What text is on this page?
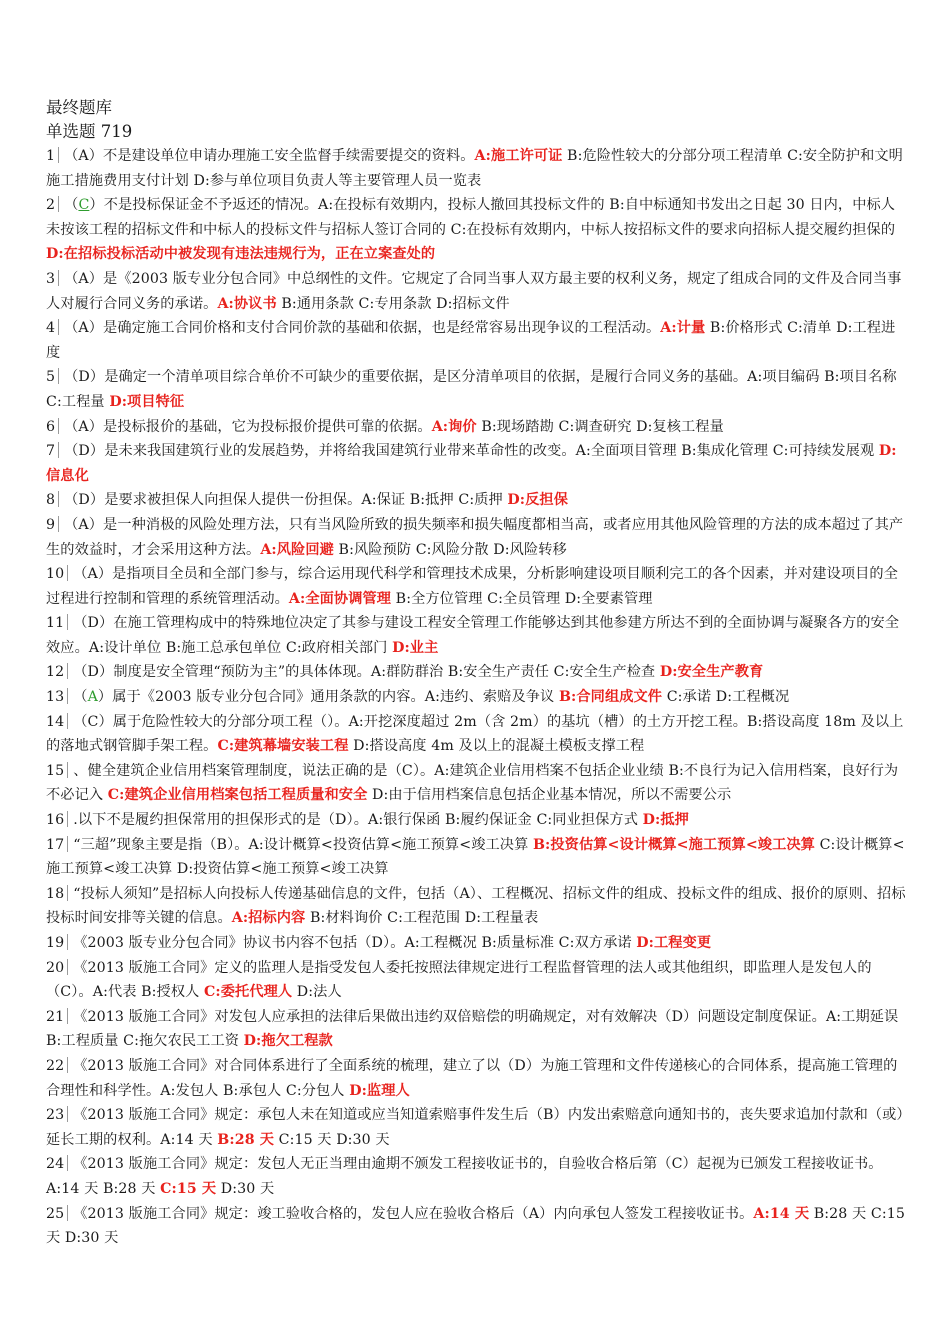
最终题库
单选题 719
1 （A）不是建设单位申请办理施工安全监督手续需要提交的资料。A:施工许可证 B:危险性较大的分部分项工程清单 C:安全防护和文明施工措施费用支付计划 D:参与单位项目负责人等主要管理人员一览表
2 （C）不是投标保证金不予返还的情况。A:在投标有效期内，投标人撤回其投标文件的 B:自中标通知书发出之日起 30 日内，中标人未按该工程的招标文件和中标人的投标文件与招标人签订合同的 C:在投标有效期内，中标人按招标文件的要求向招标人提交履约担保的 D:在招标投标活动中被发现有违法违规行为，正在立案查处的
3 （A）是《2003 版专业分包合同》中总纲性的文件。它规定了合同当事人双方最主要的权利义务，规定了组成合同的文件及合同当事人对履行合同义务的承诺。A:协议书 B:通用条款 C:专用条款 D:招标文件
4 （A）是确定施工合同价格和支付合同价款的基础和依据，也是经常容易出现争议的工程活动。A:计量 B:价格形式 C:清单 D:工程进度
5 （D）是确定一个清单项目综合单价不可缺少的重要依据，是区分清单项目的依据，是履行合同义务的基础。A:项目编码 B:项目名称 C:工程量 D:项目特征
6 （A）是投标报价的基础，它为投标报价提供可靠的依据。A:询价 B:现场踏勘 C:调查研究 D:复核工程量
7 （D）是未来我国建筑行业的发展趋势，并将给我国建筑行业带来革命性的改变。A:全面项目管理 B:集成化管理 C:可持续发展观 D:信息化
8 （D）是要求被担保人向担保人提供一份担保。A:保证 B:抵押 C:质押 D:反担保
9 （A）是一种消极的风险处理方法，只有当风险所致的损失频率和损失幅度都相当高，或者应用其他风险管理的方法的成本超过了其产生的效益时，才会采用这种方法。A:风险回避 B:风险预防 C:风险分散 D:风险转移
10 （A）是指项目全员和全部门参与，综合运用现代科学和管理技术成果，分析影响建设项目顺利完工的各个因素，并对建设项目的全过程进行控制和管理的系统管理活动。A:全面协调管理 B:全方位管理 C:全员管理 D:全要素管理
11 （D）在施工管理构成中的特殊地位决定了其参与建设工程安全管理工作能够达到其他参建方所达不到的全面协调与凝聚各方的安全效应。A:设计单位 B:施工总承包单位 C:政府相关部门 D:业主
12 （D）制度是安全管理“预防为主”的具体体现。A:群防群治 B:安全生产责任 C:安全生产检查 D:安全生产教育
13 （A）属于《2003 版专业分包合同》通用条款的内容。A:违约、索赔及争议 B:合同组成文件 C:承诺 D:工程概况
14 （C）属于危险性较大的分部分项工程（）。A:开挖深度超过 2m（含 2m）的基坑（槽）的土方开挖工程。B:搭设高度 18m 及以上的落地式钢管脚手架工程。C:建筑幕墙安装工程 D:搭设高度 4m 及以上的混凝土模板支撑工程
15 、健全建筑企业信用档案管理制度，说法正确的是（C）。A:建筑企业信用档案不包括企业业绩 B:不良行为记入信用档案，良好行为不必记入 C:建筑企业信用档案包括工程质量和安全 D:由于信用档案信息包括企业基本情况，所以不需要公示
16 .以下不是履约担保常用的担保形式的是（D）。A:银行保函 B:履约保证金 C:同业担保方式 D:抵押
17 “三超”现象主要是指（B）。A:设计概算<投资估算<施工预算<竣工决算 B:投资估算<设计概算<施工预算<竣工决算 C:设计概算<施工预算<竣工决算 D:投资估算<施工预算<竣工决算
18 “投标人须知”是招标人向投标人传递基础信息的文件，包括（A）、工程概况、招标文件的组成、投标文件的组成、报价的原则、招标投标时间安排等关键的信息。A:招标内容 B:材料询价 C:工程范围 D:工程量表
19 《2003 版专业分包合同》协议书内容不包括（D）。A:工程概况 B:质量标准 C:双方承诺 D:工程变更
20 《2013 版施工合同》定义的监理人是指受发包人委托按照法律规定进行工程监督管理的法人或其他组织，即监理人是发包人的（C）。A:代表 B:授权人 C:委托代理人 D:法人
21 《2013 版施工合同》对发包人应承担的法律后果做出违约双倍赔偿的明确规定，对有效解决（D）问题设定制度保证。A:工期延误 B:工程质量 C:拖欠农民工工资 D:拖欠工程款
22 《2013 版施工合同》对合同体系进行了全面系统的梳理，建立了以（D）为施工管理和文件传递核心的合同体系，提高施工管理的合理性和科学性。A:发包人 B:承包人 C:分包人 D:监理人
23 《2013 版施工合同》规定：承包人未在知道或应当知道索赔事件发生后（B）内发出索赔意向通知书的，丧失要求追加付款和（或）延长工期的权利。A:14 天 B:28 天 C:15 天 D:30 天
24 《2013 版施工合同》规定：发包人无正当理由逾期不颁发工程接收证书的，自验收合格后第（C）起视为已颁发工程接收证书。A:14 天 B:28 天 C:15 天 D:30 天
25 《2013 版施工合同》规定：竣工验收合格的，发包人应在验收合格后（A）内向承包人签发工程接收证书。A:14 天 B:28 天 C:15 天 D:30 天
